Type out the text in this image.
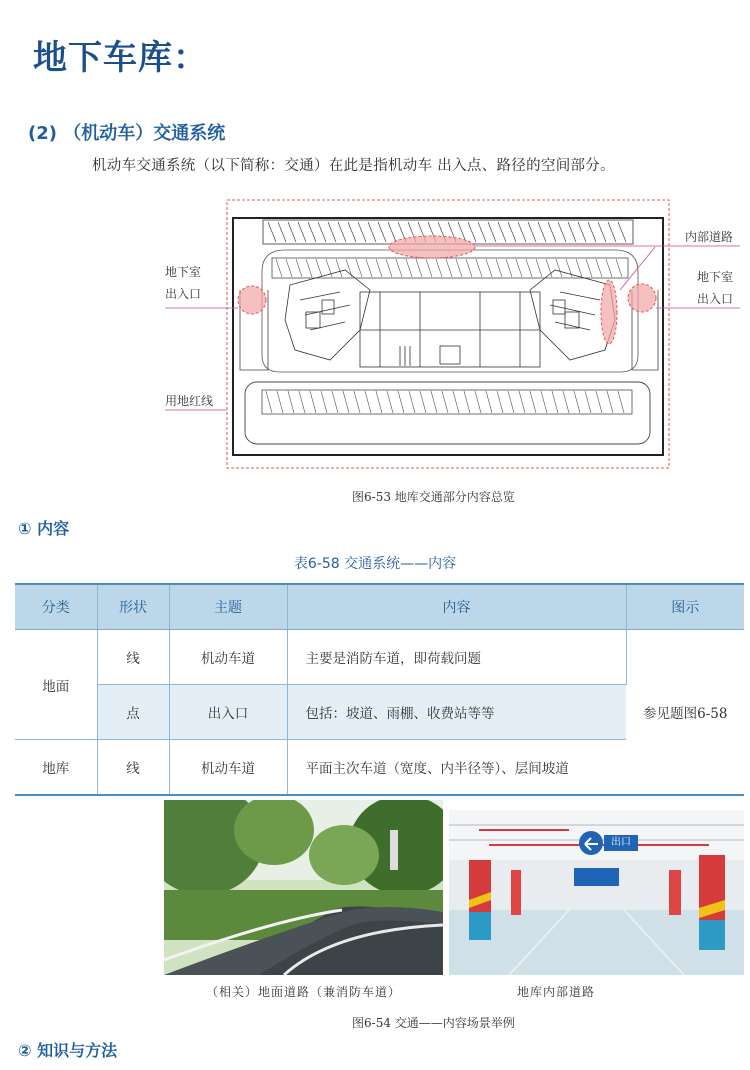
地下车库：
(2) （机动车）交通系统
机动车交通系统（以下简称：交通）在此是指机动车 出入点、路径的空间部分。
地下室
出入口
用地红线
内部道路
地下室
出入口
图6-53 地库交通部分内容总览
① 内容
表6-58 交通系统——内容
分类	形状	主题	内容	图示
地面	线	机动车道	主要是消防车道，即荷载问题	参见题图6-58
	点	出入口	包括：坡道、雨棚、收费站等等	
地库	线	机动车道	平面主次车道（宽度、内半径等）、层间坡道	
出口
（相关）地面道路（兼消防车道）	地库内部道路
图6-54 交通——内容场景举例
② 知识与方法
